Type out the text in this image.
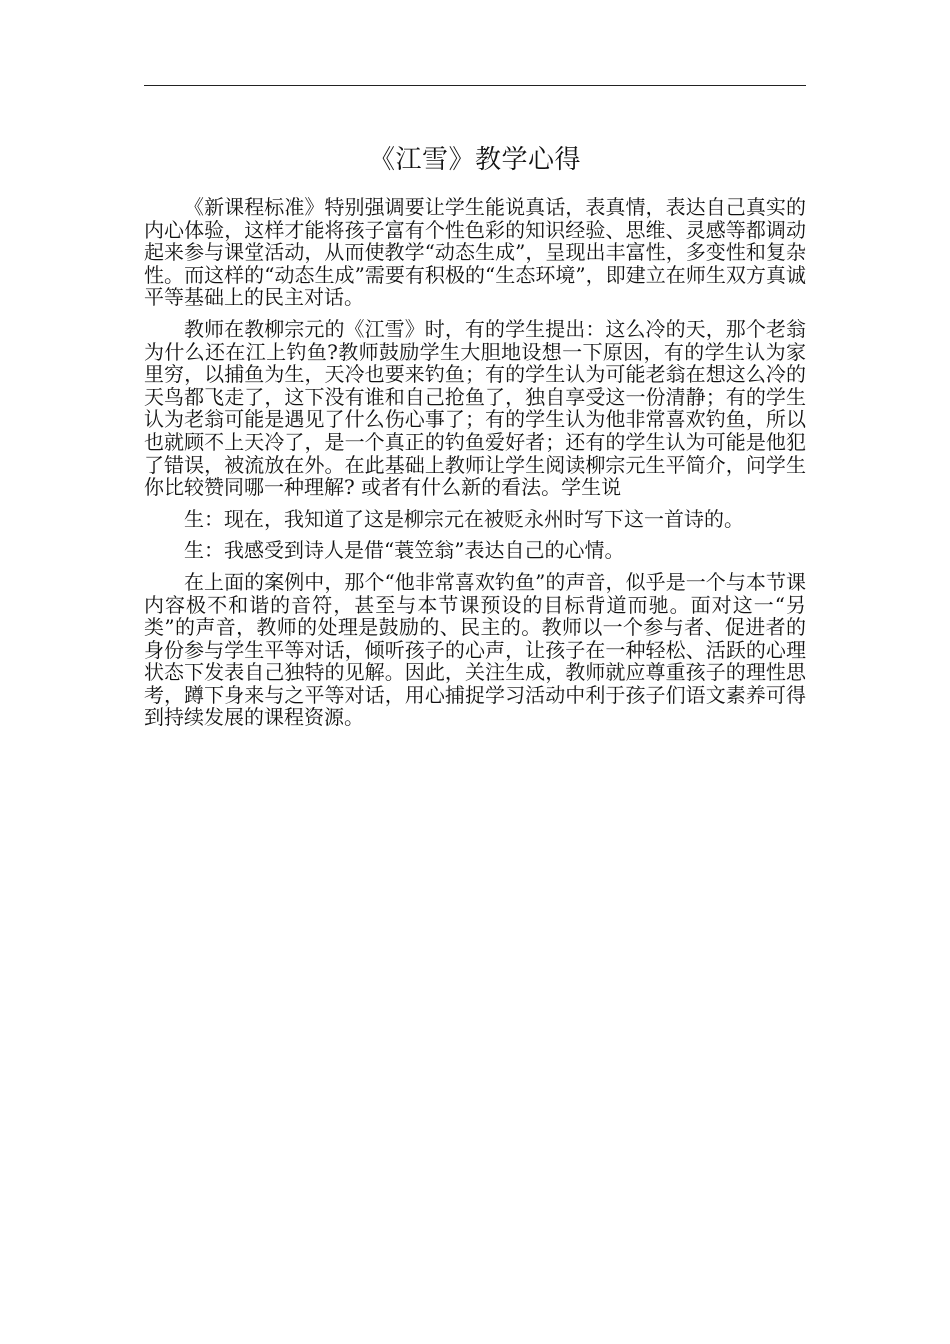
《江雪》教学心得

《新课程标准》特别强调要让学生能说真话，表真情，表达自己真实的内心体验，这样才能将孩子富有个性色彩的知识经验、思维、灵感等都调动起来参与课堂活动，从而使教学“动态生成”，呈现出丰富性，多变性和复杂性。而这样的“动态生成”需要有积极的“生态环境”，即建立在师生双方真诚平等基础上的民主对话。

教师在教柳宗元的《江雪》时，有的学生提出：这么冷的天，那个老翁为什么还在江上钓鱼?教师鼓励学生大胆地设想一下原因，有的学生认为家里穷，以捕鱼为生，天冷也要来钓鱼；有的学生认为可能老翁在想这么冷的天鸟都飞走了，这下没有谁和自己抢鱼了，独自享受这一份清静；有的学生认为老翁可能是遇见了什么伤心事了；有的学生认为他非常喜欢钓鱼，所以也就顾不上天冷了，是一个真正的钓鱼爱好者；还有的学生认为可能是他犯了错误，被流放在外。在此基础上教师让学生阅读柳宗元生平简介，问学生你比较赞同哪一种理解? 或者有什么新的看法。学生说

生：现在，我知道了这是柳宗元在被贬永州时写下这一首诗的。

生：我感受到诗人是借“蓑笠翁”表达自己的心情。

在上面的案例中，那个“他非常喜欢钓鱼”的声音，似乎是一个与本节课内容极不和谐的音符，甚至与本节课预设的目标背道而驰。面对这一“另类”的声音，教师的处理是鼓励的、民主的。教师以一个参与者、促进者的身份参与学生平等对话，倾听孩子的心声，让孩子在一种轻松、活跃的心理状态下发表自己独特的见解。因此，关注生成，教师就应尊重孩子的理性思考，蹲下身来与之平等对话，用心捕捉学习活动中利于孩子们语文素养可得到持续发展的课程资源。
